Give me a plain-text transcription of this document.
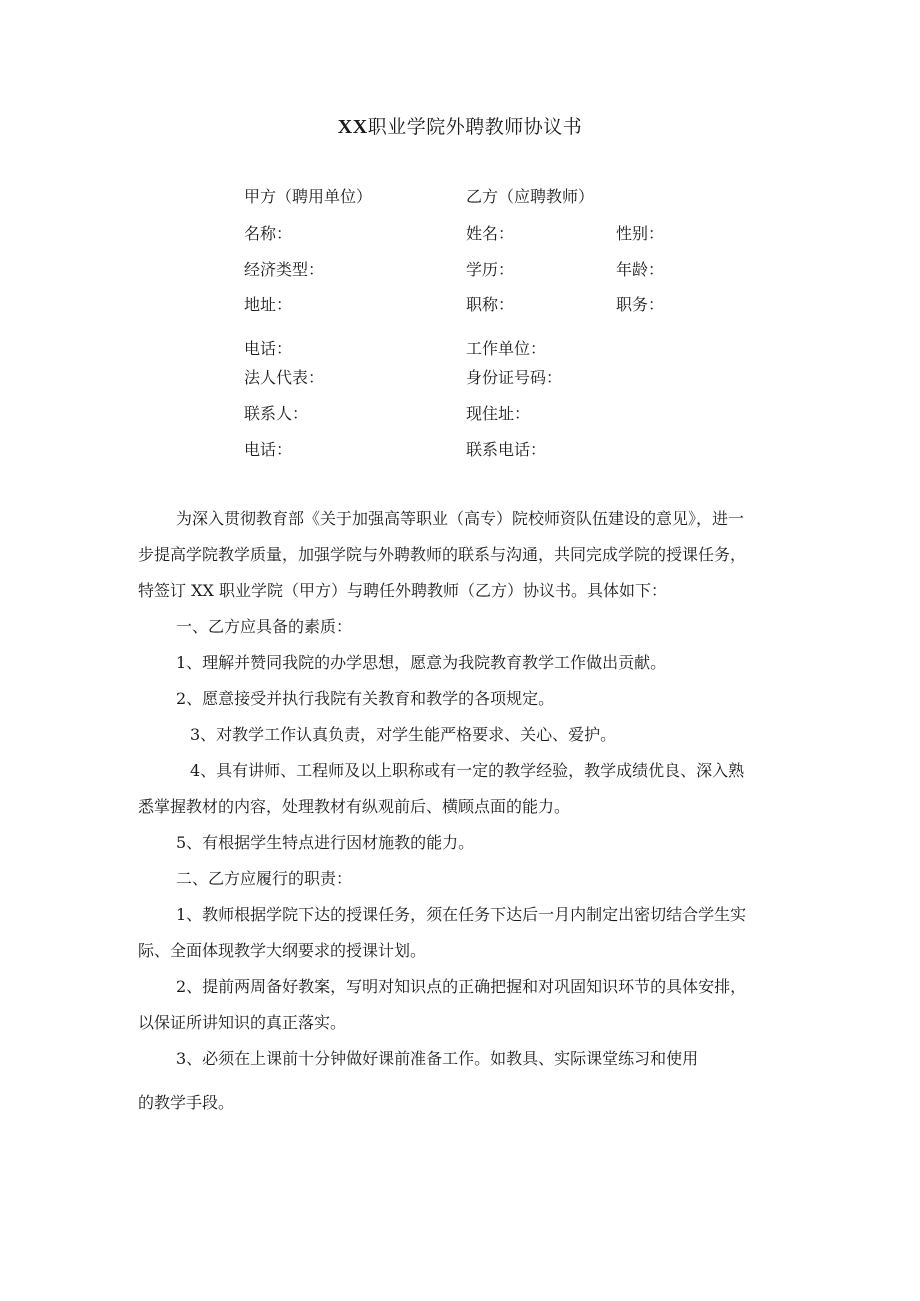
XX职业学院外聘教师协议书
甲方（聘用单位）	乙方（应聘教师）
名称：	姓名：	性别：
经济类型：	学历：	年龄：
地址：	职称：	职务：
电话：	工作单位：
法人代表：	身份证号码：
联系人：	现住址：
电话：	联系电话：
为深入贯彻教育部《关于加强高等职业（高专）院校师资队伍建设的意见》，进一
步提高学院教学质量，加强学院与外聘教师的联系与沟通，共同完成学院的授课任务，
特签订 XX 职业学院（甲方）与聘任外聘教师（乙方）协议书。具体如下：
一、乙方应具备的素质：
1、理解并赞同我院的办学思想，愿意为我院教育教学工作做出贡献。
2、愿意接受并执行我院有关教育和教学的各项规定。
3、对教学工作认真负责，对学生能严格要求、关心、爱护。
4、具有讲师、工程师及以上职称或有一定的教学经验，教学成绩优良、深入熟
悉掌握教材的内容，处理教材有纵观前后、横顾点面的能力。
5、有根据学生特点进行因材施教的能力。
二、乙方应履行的职责：
1、教师根据学院下达的授课任务，须在任务下达后一月内制定出密切结合学生实
际、全面体现教学大纲要求的授课计划。
2、提前两周备好教案，写明对知识点的正确把握和对巩固知识环节的具体安排，
以保证所讲知识的真正落实。
3、必须在上课前十分钟做好课前准备工作。如教具、实际课堂练习和使用
的教学手段。
